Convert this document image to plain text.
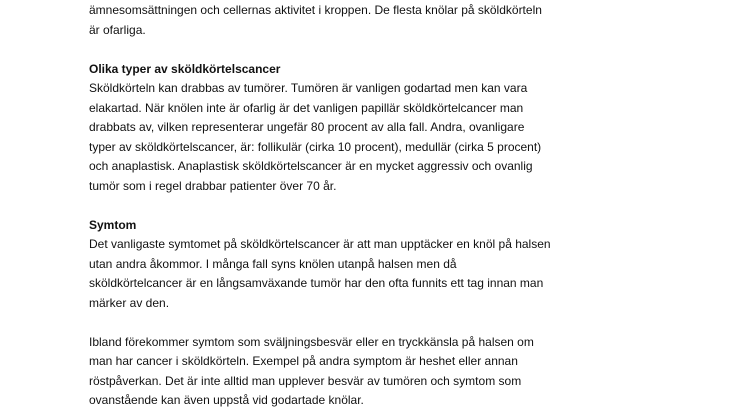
ämnesomsättningen och cellernas aktivitet i kroppen. De flesta knölar på sköldkörteln
är ofarliga.
Olika typer av sköldkörtelscancer
Sköldkörteln kan drabbas av tumörer. Tumören är vanligen godartad men kan vara
elakartad. När knölen inte är ofarlig är det vanligen papillär sköldkörtelcancer man
drabbats av, vilken representerar ungefär 80 procent av alla fall. Andra, ovanligare
typer av sköldkörtelscancer, är: follikulär (cirka 10 procent), medullär (cirka 5 procent)
och anaplastisk. Anaplastisk sköldkörtelscancer är en mycket aggressiv och ovanlig
tumör som i regel drabbar patienter över 70 år.
Symtom
Det vanligaste symtomet på sköldkörtelscancer är att man upptäcker en knöl på halsen
utan andra åkommor. I många fall syns knölen utanpå halsen men då
sköldkörtelcancer är en långsamväxande tumör har den ofta funnits ett tag innan man
märker av den.
Ibland förekommer symtom som sväljningsbesvär eller en tryckkänsla på halsen om
man har cancer i sköldkörteln. Exempel på andra symptom är heshet eller annan
röstpåverkan. Det är inte alltid man upplever besvär av tumören och symtom som
ovanstående kan även uppstå vid godartade knölar.
